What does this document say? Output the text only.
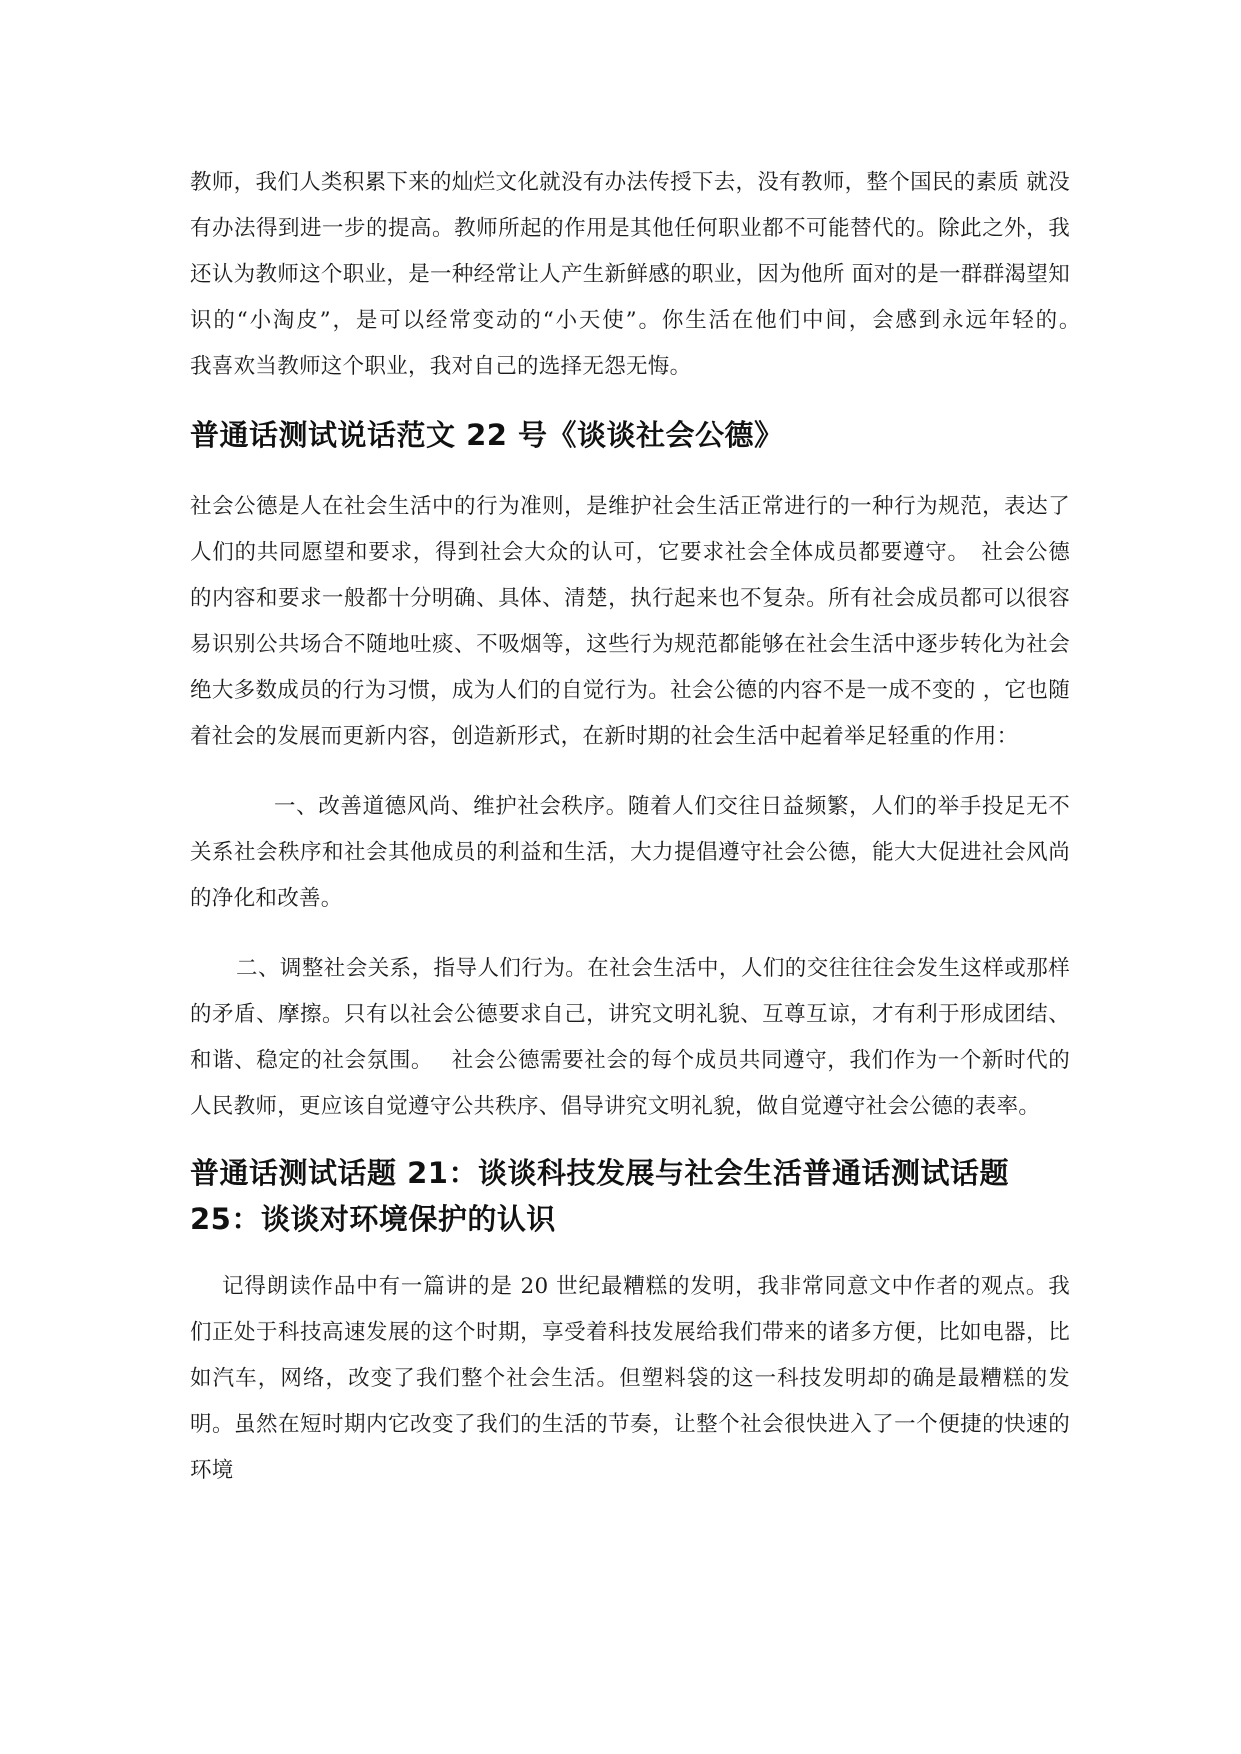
教师，我们人类积累下来的灿烂文化就没有办法传授下去，没有教师，整个国民的素质 就没有办法得到进一步的提高。教师所起的作用是其他任何职业都不可能替代的。除此之外，我还认为教师这个职业，是一种经常让人产生新鲜感的职业，因为他所 面对的是一群群渴望知识的“小淘皮”，是可以经常变动的“小天使”。你生活在他们中间，会感到永远年轻的。　　我喜欢当教师这个职业，我对自己的选择无怨无悔。

普通话测试说话范文 22 号《谈谈社会公德》

社会公德是人在社会生活中的行为准则，是维护社会生活正常进行的一种行为规范，表达了人们的共同愿望和要求，得到社会大众的认可，它要求社会全体成员都要遵守。　社会公德的内容和要求一般都十分明确、具体、清楚，执行起来也不复杂。所有社会成员都可以很容易识别公共场合不随地吐痰、不吸烟等，这些行为规范都能够在社会生活中逐步转化为社会绝大多数成员的行为习惯，成为人们的自觉行为。社会公德的内容不是一成不变的 ，它也随着社会的发展而更新内容，创造新形式，在新时期的社会生活中起着举足轻重的作用：

一、改善道德风尚、维护社会秩序。随着人们交往日益频繁，人们的举手投足无不关系社会秩序和社会其他成员的利益和生活，大力提倡遵守社会公德，能大大促进社会风尚的净化和改善。

二、调整社会关系，指导人们行为。在社会生活中，人们的交往往往会发生这样或那样的矛盾、摩擦。只有以社会公德要求自己，讲究文明礼貌、互尊互谅，才有利于形成团结、和谐、稳定的社会氛围。　 社会公德需要社会的每个成员共同遵守，我们作为一个新时代的人民教师，更应该自觉遵守公共秩序、倡导讲究文明礼貌，做自觉遵守社会公德的表率。

普通话测试话题 21：谈谈科技发展与社会生活普通话测试话题 25：谈谈对环境保护的认识

记得朗读作品中有一篇讲的是 20 世纪最糟糕的发明，我非常同意文中作者的观点。我们正处于科技高速发展的这个时期，享受着科技发展给我们带来的诸多方便，比如电器，比如汽车，网络，改变了我们整个社会生活。但塑料袋的这一科技发明却的确是最糟糕的发明。虽然在短时期内它改变了我们的生活的节奏，让整个社会很快进入了一个便捷的快速的环境
